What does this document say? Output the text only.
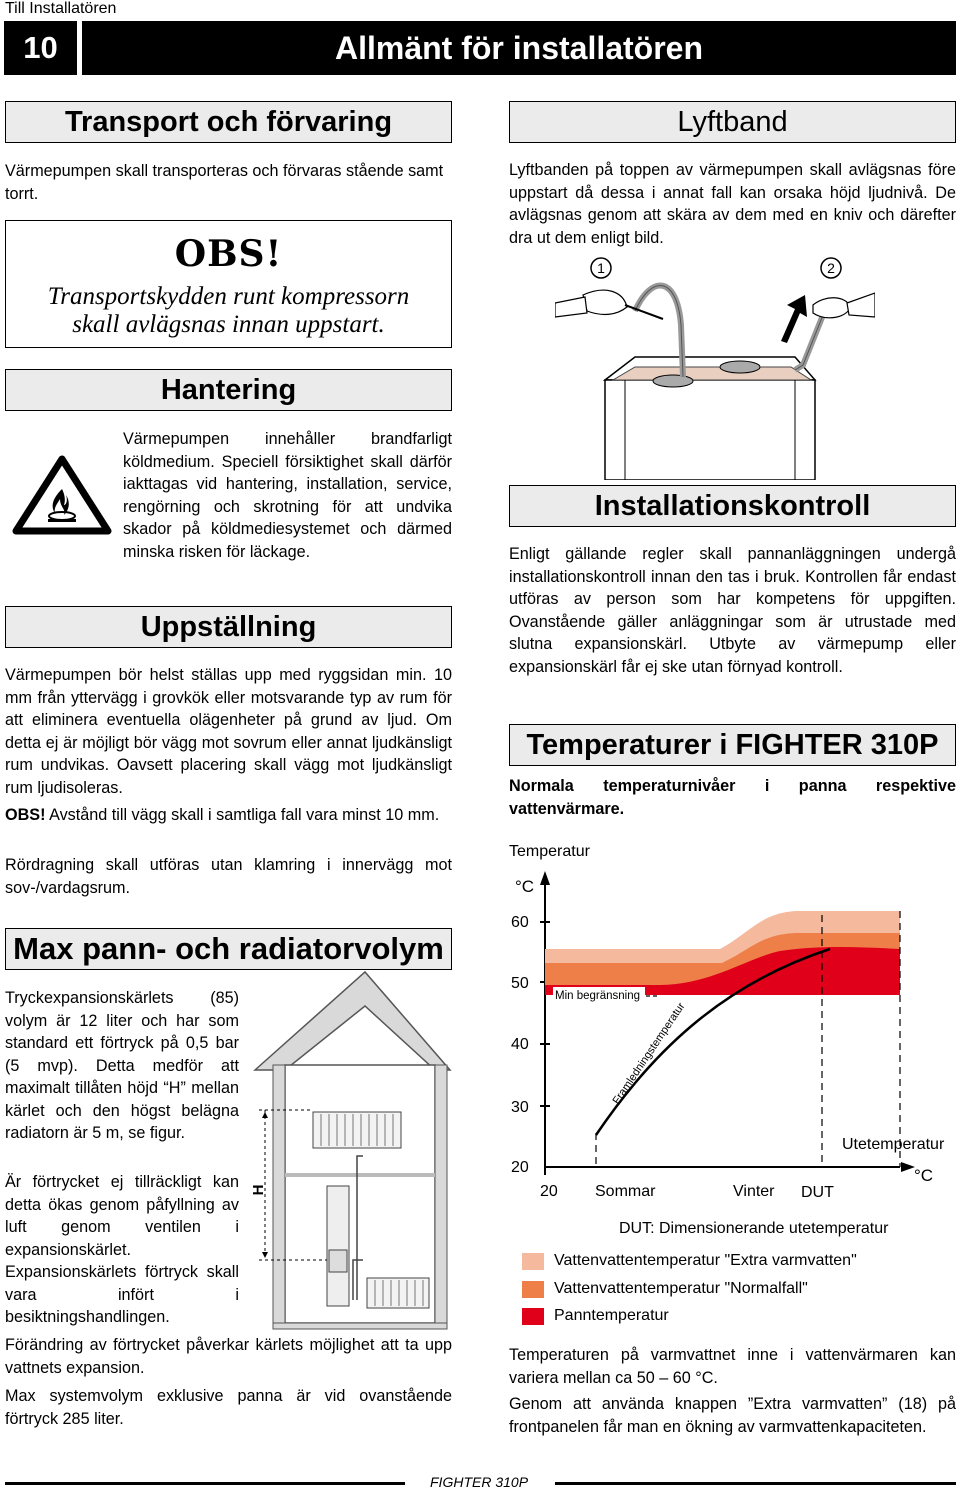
Till Installatören
10	Allmänt för installatören
Transport och förvaring
Värmepumpen skall transporteras och förvaras stående samt torrt.
OBS!
Transportskydden runt kompressorn
skall avlägsnas innan uppstart.
Hantering
Värmepumpen innehåller brandfarligt köldmedium. Speciell försiktighet skall därför iakttagas vid hantering, installation, service, rengörning och skrotning för att undvika skador på köldmediesystemet och därmed minska risken för läckage.
Uppställning
Värmepumpen bör helst ställas upp med ryggsidan min. 10 mm från yttervägg i grovkök eller motsvarande typ av rum för att eliminera eventuella olägenheter på grund av ljud. Om detta ej är möjligt bör vägg mot sovrum eller annat ljudkänsligt rum undvikas. Oavsett placering skall vägg mot ljudkänsligt rum ljudisoleras.
OBS! Avstånd till vägg skall i samtliga fall vara minst 10 mm.
Rördragning skall utföras utan klamring i innervägg mot sov-/vardagsrum.
Max pann- och radiatorvolym
Tryckexpansionskärlets (85) volym är 12 liter och har som standard ett förtryck på 0,5 bar (5 mvp). Detta medför att maximalt tillåten höjd “H” mellan kärlet och den högst belägna radiatorn är 5 m, se figur.
Är förtrycket ej tillräckligt kan detta ökas genom påfyllning av luft genom ventilen i expansionskärlet. Expansionskärlets förtryck skall vara infört i besiktningshandlingen.
Förändring av förtrycket påverkar kärlets möjlighet att ta upp vattnets expansion.
Max systemvolym exklusive panna är vid ovanstående förtryck 285 liter.
H
Lyftband
Lyftbanden på toppen av värmepumpen skall avlägsnas före uppstart då dessa i annat fall kan orsaka höjd ljudnivå. De avlägsnas genom att skära av dem med en kniv och därefter dra ut dem enligt bild.
1	2
Installationskontroll
Enligt gällande regler skall pannanläggningen undergå installationskontroll innan den tas i bruk. Kontrollen får endast utföras av person som har kompetens för uppgiften. Ovanstående gäller anläggningar som är utrustade med slutna expansionskärl. Utbyte av värmepump eller expansionskärl får ej ske utan förnyad kontroll.
Temperaturer i FIGHTER 310P
Normala temperaturnivåer i panna respektive vattenvärmare.
Temperatur
°C
60
50
40
30
20
Min begränsning
Framledningstemperatur
Utetemperatur
°C
20 Sommar	Vinter DUT
DUT: Dimensionerande utetemperatur
Vattenvattentemperatur "Extra varmvatten"
Vattenvattentemperatur "Normalfall"
Panntemperatur
Temperaturen på varmvattnet inne i vattenvärmaren kan variera mellan ca 50 – 60 °C.
Genom att använda knappen ”Extra varmvatten” (18) på frontpanelen får man en ökning av varmvattenkapaciteten.
FIGHTER 310P
